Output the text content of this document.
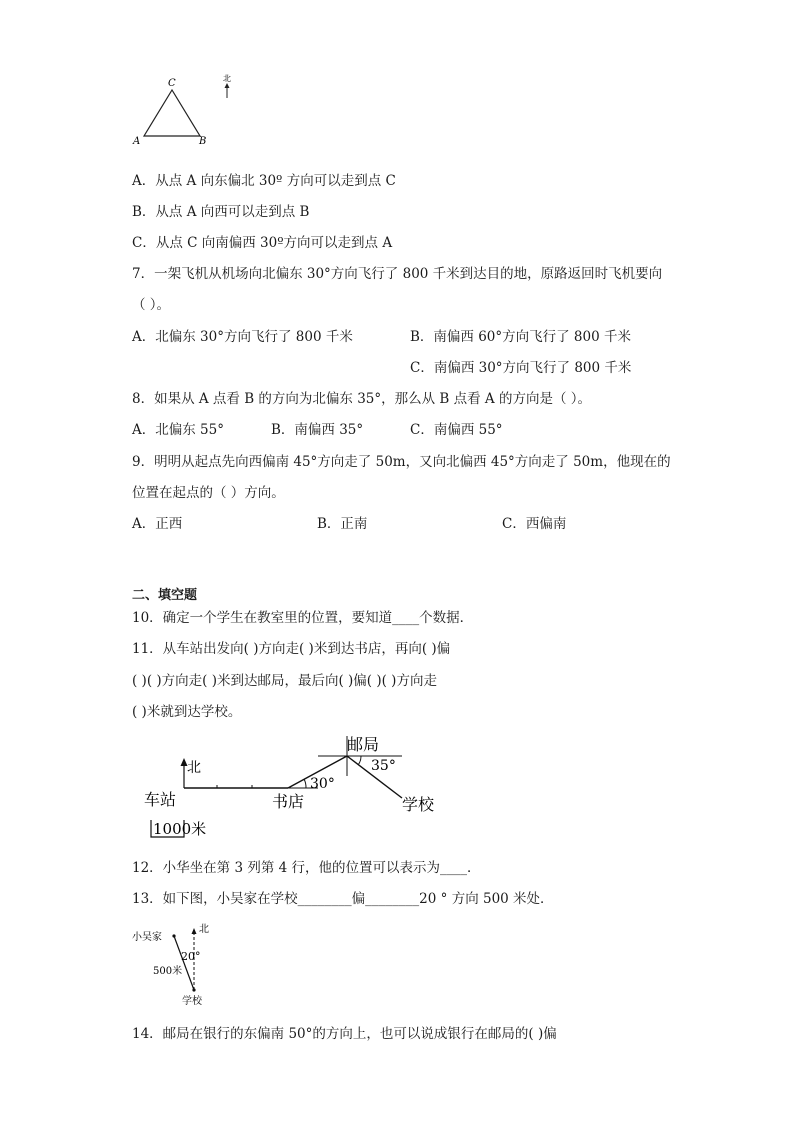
C
A	B
北
A．从点 A 向东偏北 30º 方向可以走到点 C
B．从点 A 向西可以走到点 B
C．从点 C 向南偏西 30º方向可以走到点 A
7．一架飞机从机场向北偏东 30°方向飞行了 800 千米到达目的地，原路返回时飞机要向
（ ）。
A．北偏东 30°方向飞行了 800 千米	B．南偏西 60°方向飞行了 800 千米
C．南偏西 30°方向飞行了 800 千米
8．如果从 A 点看 B 的方向为北偏东 35°，那么从 B 点看 A 的方向是（ ）。
A．北偏东 55°	B．南偏西 35°	C．南偏西 55°
9．明明从起点先向西偏南 45°方向走了 50m，又向北偏西 45°方向走了 50m，他现在的
位置在起点的（ ）方向。
A．正西	B．正南	C．西偏南
二、填空题
10．确定一个学生在教室里的位置，要知道____个数据．
11．从车站出发向( )方向走( )米到达书店，再向( )偏
( )( )方向走( )米到达邮局，最后向( )偏( )( )方向走
( )米就到达学校。
北
30°
邮局
35°
车站	书店	学校
1000米
12．小华坐在第 3 列第 4 行，他的位置可以表示为____．
13．如下图，小吴家在学校________偏________20 ° 方向 500 米处．
小吴家
北
20°
500米
学校
14．邮局在银行的东偏南 50°的方向上，也可以说成银行在邮局的( )偏
